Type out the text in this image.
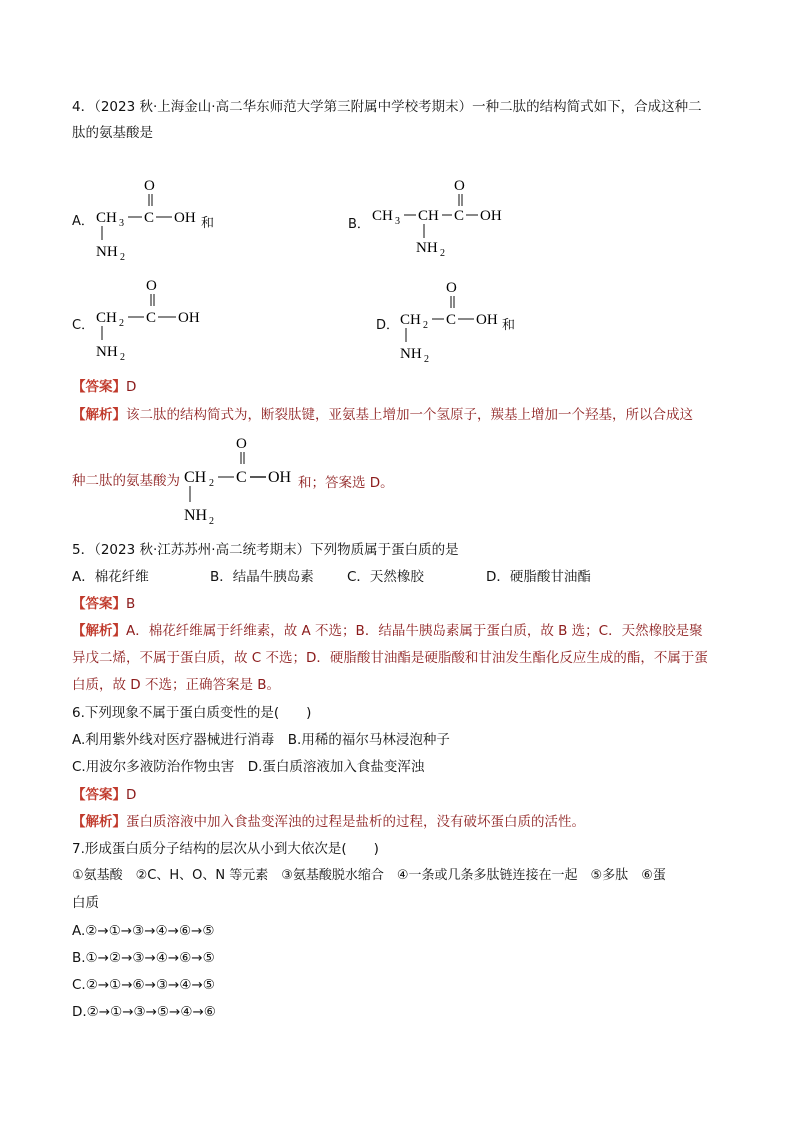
4．（2023 秋·上海金山·高二华东师范大学第三附属中学校考期末）一种二肽的结构简式如下，合成这种二
肽的氨基酸是
A．
O
CH 3 C OH
NH 2
和	B．
O
CH 3 CH C OH
NH 2
C．
O
CH 2 C OH
NH 2
D．
O
CH 2 C OH
NH 2
和
【答案】D
【解析】该二肽的结构简式为，断裂肽键，亚氨基上增加一个氢原子，羰基上增加一个羟基，所以合成这
种二肽的氨基酸为
O
CH 2 C OH
NH 2
和；答案选 D。
5．（2023 秋·江苏苏州·高二统考期末）下列物质属于蛋白质的是
A．棉花纤维	B．结晶牛胰岛素 C．天然橡胶	D．硬脂酸甘油酯
【答案】B
【解析】A．棉花纤维属于纤维素，故 A 不选；B．结晶牛胰岛素属于蛋白质，故 B 选；C．天然橡胶是聚
异戊二烯，不属于蛋白质，故 C 不选；D．硬脂酸甘油酯是硬脂酸和甘油发生酯化反应生成的酯，不属于蛋
白质，故 D 不选；正确答案是 B。
6.下列现象不属于蛋白质变性的是(　　)
A.利用紫外线对医疗器械进行消毒　B.用稀的福尔马林浸泡种子
C.用波尔多液防治作物虫害　D.蛋白质溶液加入食盐变浑浊
【答案】D
【解析】蛋白质溶液中加入食盐变浑浊的过程是盐析的过程，没有破坏蛋白质的活性。
7.形成蛋白质分子结构的层次从小到大依次是(　　)
①氨基酸　②C、H、O、N 等元素　③氨基酸脱水缩合　④一条或几条多肽链连接在一起　⑤多肽　⑥蛋
白质
A.②→①→③→④→⑥→⑤
B.①→②→③→④→⑥→⑤
C.②→①→⑥→③→④→⑤
D.②→①→③→⑤→④→⑥
